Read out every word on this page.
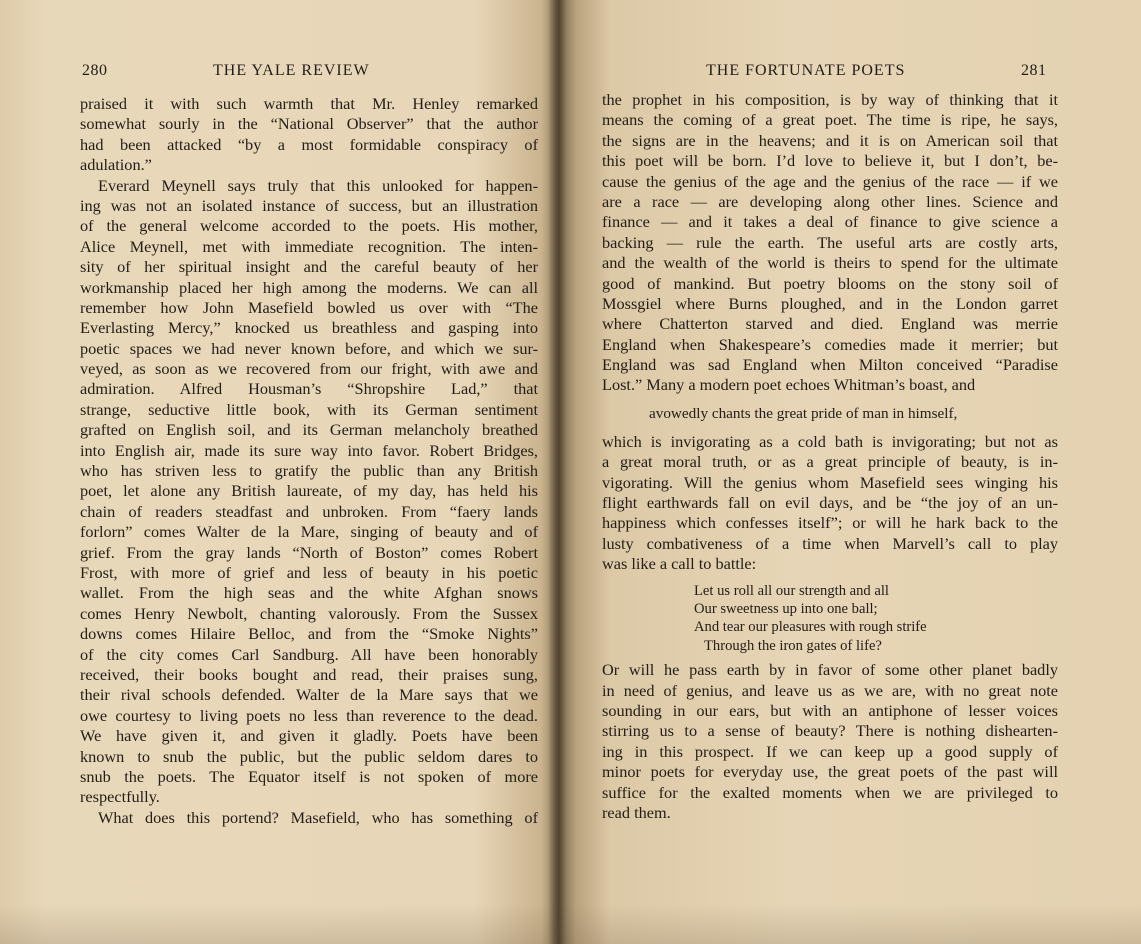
280	THE YALE REVIEW
praised it with such warmth that Mr. Henley remarked
somewhat sourly in the “National Observer” that the author
had been attacked “by a most formidable conspiracy of
adulation.”
Everard Meynell says truly that this unlooked for happen-
ing was not an isolated instance of success, but an illustration
of the general welcome accorded to the poets. His mother,
Alice Meynell, met with immediate recognition. The inten-
sity of her spiritual insight and the careful beauty of her
workmanship placed her high among the moderns. We can all
remember how John Masefield bowled us over with “The
Everlasting Mercy,” knocked us breathless and gasping into
poetic spaces we had never known before, and which we sur-
veyed, as soon as we recovered from our fright, with awe and
admiration. Alfred Housman’s “Shropshire Lad,” that
strange, seductive little book, with its German sentiment
grafted on English soil, and its German melancholy breathed
into English air, made its sure way into favor. Robert Bridges,
who has striven less to gratify the public than any British
poet, let alone any British laureate, of my day, has held his
chain of readers steadfast and unbroken. From “faery lands
forlorn” comes Walter de la Mare, singing of beauty and of
grief. From the gray lands “North of Boston” comes Robert
Frost, with more of grief and less of beauty in his poetic
wallet. From the high seas and the white Afghan snows
comes Henry Newbolt, chanting valorously. From the Sussex
downs comes Hilaire Belloc, and from the “Smoke Nights”
of the city comes Carl Sandburg. All have been honorably
received, their books bought and read, their praises sung,
their rival schools defended. Walter de la Mare says that we
owe courtesy to living poets no less than reverence to the dead.
We have given it, and given it gladly. Poets have been
known to snub the public, but the public seldom dares to
snub the poets. The Equator itself is not spoken of more
respectfully.
What does this portend? Masefield, who has something of
THE FORTUNATE POETS	281
the prophet in his composition, is by way of thinking that it
means the coming of a great poet. The time is ripe, he says,
the signs are in the heavens; and it is on American soil that
this poet will be born. I’d love to believe it, but I don’t, be-
cause the genius of the age and the genius of the race — if we
are a race — are developing along other lines. Science and
finance — and it takes a deal of finance to give science a
backing — rule the earth. The useful arts are costly arts,
and the wealth of the world is theirs to spend for the ultimate
good of mankind. But poetry blooms on the stony soil of
Mossgiel where Burns ploughed, and in the London garret
where Chatterton starved and died. England was merrie
England when Shakespeare’s comedies made it merrier; but
England was sad England when Milton conceived “Paradise
Lost.” Many a modern poet echoes Whitman’s boast, and
avowedly chants the great pride of man in himself,
which is invigorating as a cold bath is invigorating; but not as
a great moral truth, or as a great principle of beauty, is in-
vigorating. Will the genius whom Masefield sees winging his
flight earthwards fall on evil days, and be “the joy of an un-
happiness which confesses itself”; or will he hark back to the
lusty combativeness of a time when Marvell’s call to play
was like a call to battle:
Let us roll all our strength and all
Our sweetness up into one ball;
And tear our pleasures with rough strife
Through the iron gates of life?
Or will he pass earth by in favor of some other planet badly
in need of genius, and leave us as we are, with no great note
sounding in our ears, but with an antiphone of lesser voices
stirring us to a sense of beauty? There is nothing dishearten-
ing in this prospect. If we can keep up a good supply of
minor poets for everyday use, the great poets of the past will
suffice for the exalted moments when we are privileged to
read them.
